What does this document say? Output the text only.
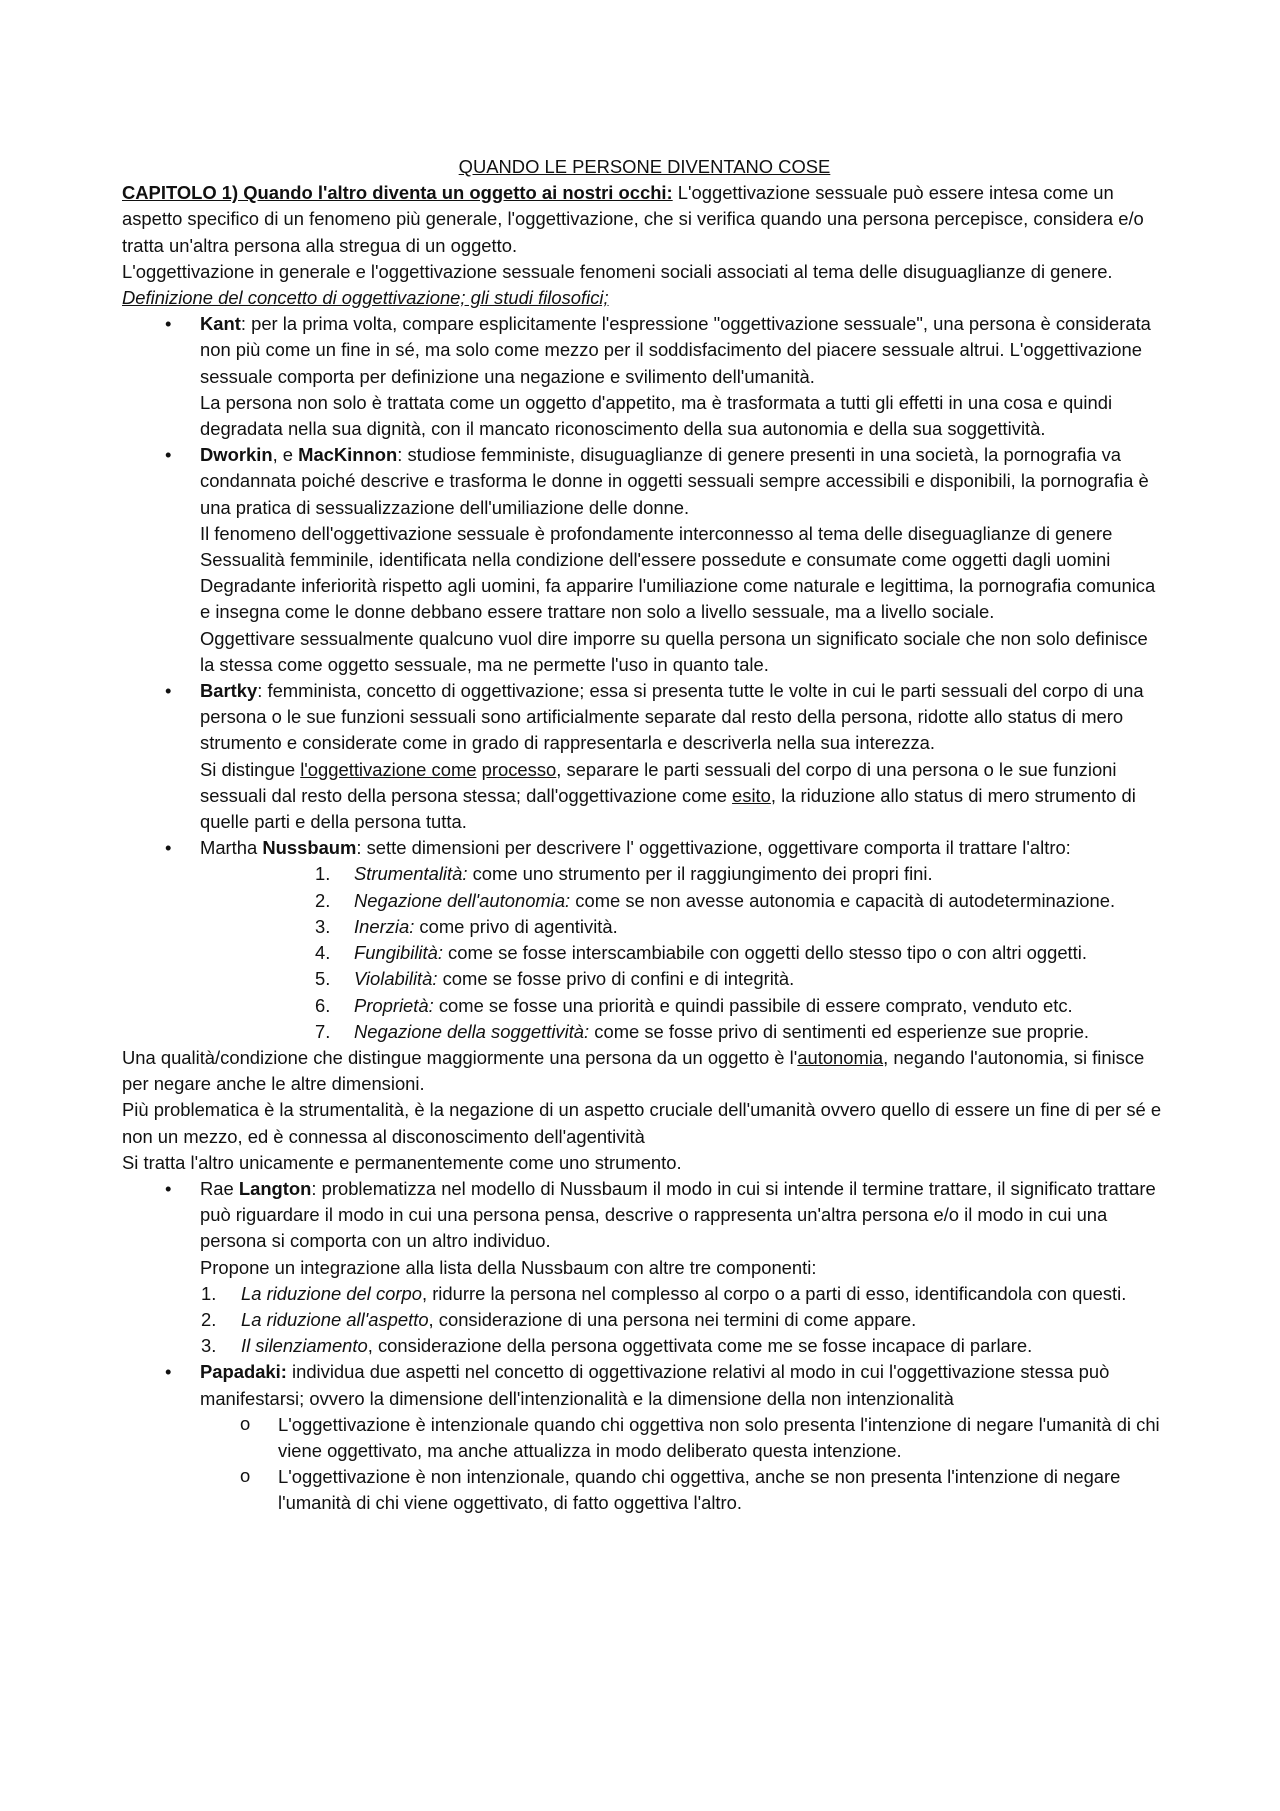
QUANDO LE PERSONE DIVENTANO COSE

CAPITOLO 1) Quando l'altro diventa un oggetto ai nostri occhi: L'oggettivazione sessuale può essere intesa come un aspetto specifico di un fenomeno più generale, l'oggettivazione, che si verifica quando una persona percepisce, considera e/o tratta un'altra persona alla stregua di un oggetto.

L'oggettivazione in generale e l'oggettivazione sessuale fenomeni sociali associati al tema delle disuguaglianze di genere.

Definizione del concetto di oggettivazione; gli studi filosofici;

• Kant: per la prima volta, compare esplicitamente l'espressione "oggettivazione sessuale", una persona è considerata non più come un fine in sé, ma solo come mezzo per il soddisfacimento del piacere sessuale altrui. L'oggettivazione sessuale comporta per definizione una negazione e svilimento dell'umanità.

La persona non solo è trattata come un oggetto d'appetito, ma è trasformata a tutti gli effetti in una cosa e quindi degradata nella sua dignità, con il mancato riconoscimento della sua autonomia e della sua soggettività.

• Dworkin, e MacKinnon: studiose femministe, disuguaglianze di genere presenti in una società, la pornografia va condannata poiché descrive e trasforma le donne in oggetti sessuali sempre accessibili e disponibili, la pornografia è una pratica di sessualizzazione dell'umiliazione delle donne.

Il fenomeno dell'oggettivazione sessuale è profondamente interconnesso al tema delle diseguaglianze di genere

Sessualità femminile, identificata nella condizione dell'essere possedute e consumate come oggetti dagli uomini Degradante inferiorità rispetto agli uomini, fa apparire l'umiliazione come naturale e legittima, la pornografia comunica e insegna come le donne debbano essere trattare non solo a livello sessuale, ma a livello sociale.

Oggettivare sessualmente qualcuno vuol dire imporre su quella persona un significato sociale che non solo definisce la stessa come oggetto sessuale, ma ne permette l'uso in quanto tale.

• Bartky: femminista, concetto di oggettivazione; essa si presenta tutte le volte in cui le parti sessuali del corpo di una persona o le sue funzioni sessuali sono artificialmente separate dal resto della persona, ridotte allo status di mero strumento e considerate come in grado di rappresentarla e descriverla nella sua interezza.

Si distingue l'oggettivazione come processo, separare le parti sessuali del corpo di una persona o le sue funzioni sessuali dal resto della persona stessa; dall'oggettivazione come esito, la riduzione allo status di mero strumento di quelle parti e della persona tutta.

• Martha Nussbaum: sette dimensioni per descrivere l' oggettivazione, oggettivare comporta il trattare l'altro:
1. Strumentalità: come uno strumento per il raggiungimento dei propri fini.
2. Negazione dell'autonomia: come se non avesse autonomia e capacità di autodeterminazione.
3. Inerzia: come privo di agentività.
4. Fungibilità: come se fosse interscambiabile con oggetti dello stesso tipo o con altri oggetti.
5. Violabilità: come se fosse privo di confini e di integrità.
6. Proprietà: come se fosse una priorità e quindi passibile di essere comprato, venduto etc.
7. Negazione della soggettività: come se fosse privo di sentimenti ed esperienze sue proprie.

Una qualità/condizione che distingue maggiormente una persona da un oggetto è l'autonomia, negando l'autonomia, si finisce per negare anche le altre dimensioni.

Più problematica è la strumentalità, è la negazione di un aspetto cruciale dell'umanità ovvero quello di essere un fine di per sé e non un mezzo, ed è connessa al disconoscimento dell'agentività

Si tratta l'altro unicamente e permanentemente come uno strumento.

• Rae Langton: problematizza nel modello di Nussbaum il modo in cui si intende il termine trattare, il significato trattare può riguardare il modo in cui una persona pensa, descrive o rappresenta un'altra persona e/o il modo in cui una persona si comporta con un altro individuo.

Propone un integrazione alla lista della Nussbaum con altre tre componenti:

1. La riduzione del corpo, ridurre la persona nel complesso al corpo o a parti di esso, identificandola con questi.
2. La riduzione all'aspetto, considerazione di una persona nei termini di come appare.
3. Il silenziamento, considerazione della persona oggettivata come me se fosse incapace di parlare.
• Papadaki: individua due aspetti nel concetto di oggettivazione relativi al modo in cui l'oggettivazione stessa può manifestarsi; ovvero la dimensione dell'intenzionalità e la dimensione della non intenzionalità
o L'oggettivazione è intenzionale quando chi oggettiva non solo presenta l'intenzione di negare l'umanità di chi viene oggettivato, ma anche attualizza in modo deliberato questa intenzione.
o L'oggettivazione è non intenzionale, quando chi oggettiva, anche se non presenta l'intenzione di negare l'umanità di chi viene oggettivato, di fatto oggettiva l'altro.
